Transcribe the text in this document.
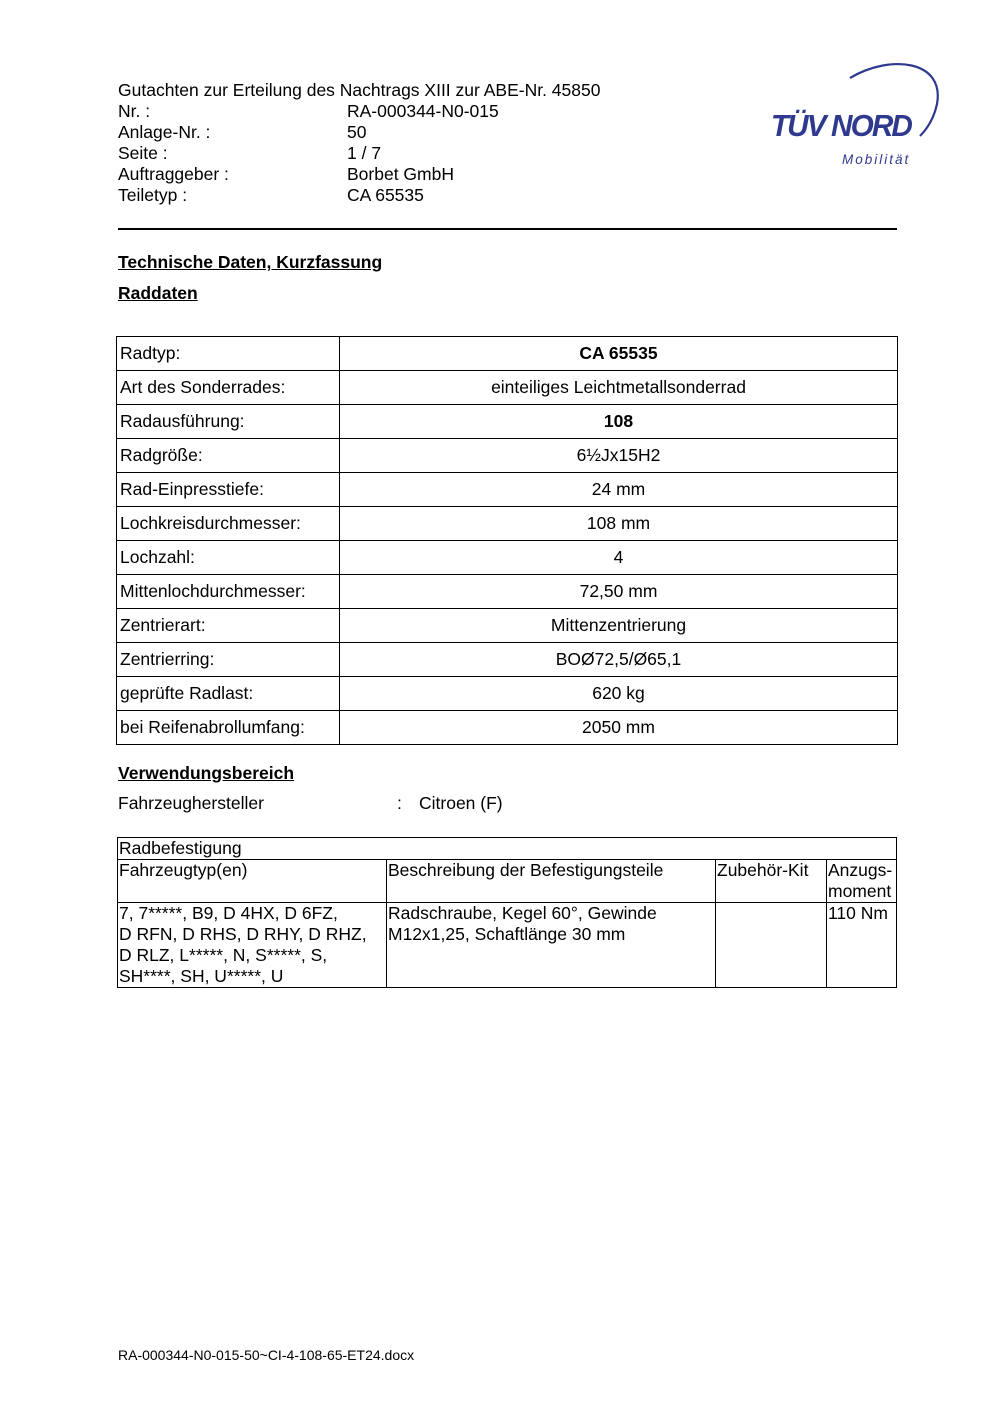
Gutachten zur Erteilung des Nachtrags XIII zur ABE-Nr. 45850
Nr. :	RA-000344-N0-015
Anlage-Nr. :	50
Seite :	1 / 7
Auftraggeber :	Borbet GmbH
Teiletyp :	CA 65535
TÜV NORD
Mobilität
Technische Daten, Kurzfassung
Raddaten
Radtyp:	CA 65535
Art des Sonderrades:	einteiliges Leichtmetallsonderrad
Radausführung:	108
Radgröße:	6½Jx15H2
Rad-Einpresstiefe:	24 mm
Lochkreisdurchmesser:	108 mm
Lochzahl:	4
Mittenlochdurchmesser:	72,50 mm
Zentrierart:	Mittenzentrierung
Zentrierring:	BOØ72,5/Ø65,1
geprüfte Radlast:	620 kg
bei Reifenabrollumfang:	2050 mm
Verwendungsbereich
Fahrzeughersteller	: Citroen (F)
Radbefestigung			
Fahrzeugtyp(en)	Beschreibung der Befestigungsteile	Zubehör-Kit	Anzugs-
moment
7, 7*****, B9, D 4HX, D 6FZ,
D RFN, D RHS, D RHY, D RHZ,
D RLZ, L*****, N, S*****, S,
SH****, SH, U*****, U	Radschraube, Kegel 60°, Gewinde
M12x1,25, Schaftlänge 30 mm		110 Nm
RA-000344-N0-015-50~CI-4-108-65-ET24.docx
